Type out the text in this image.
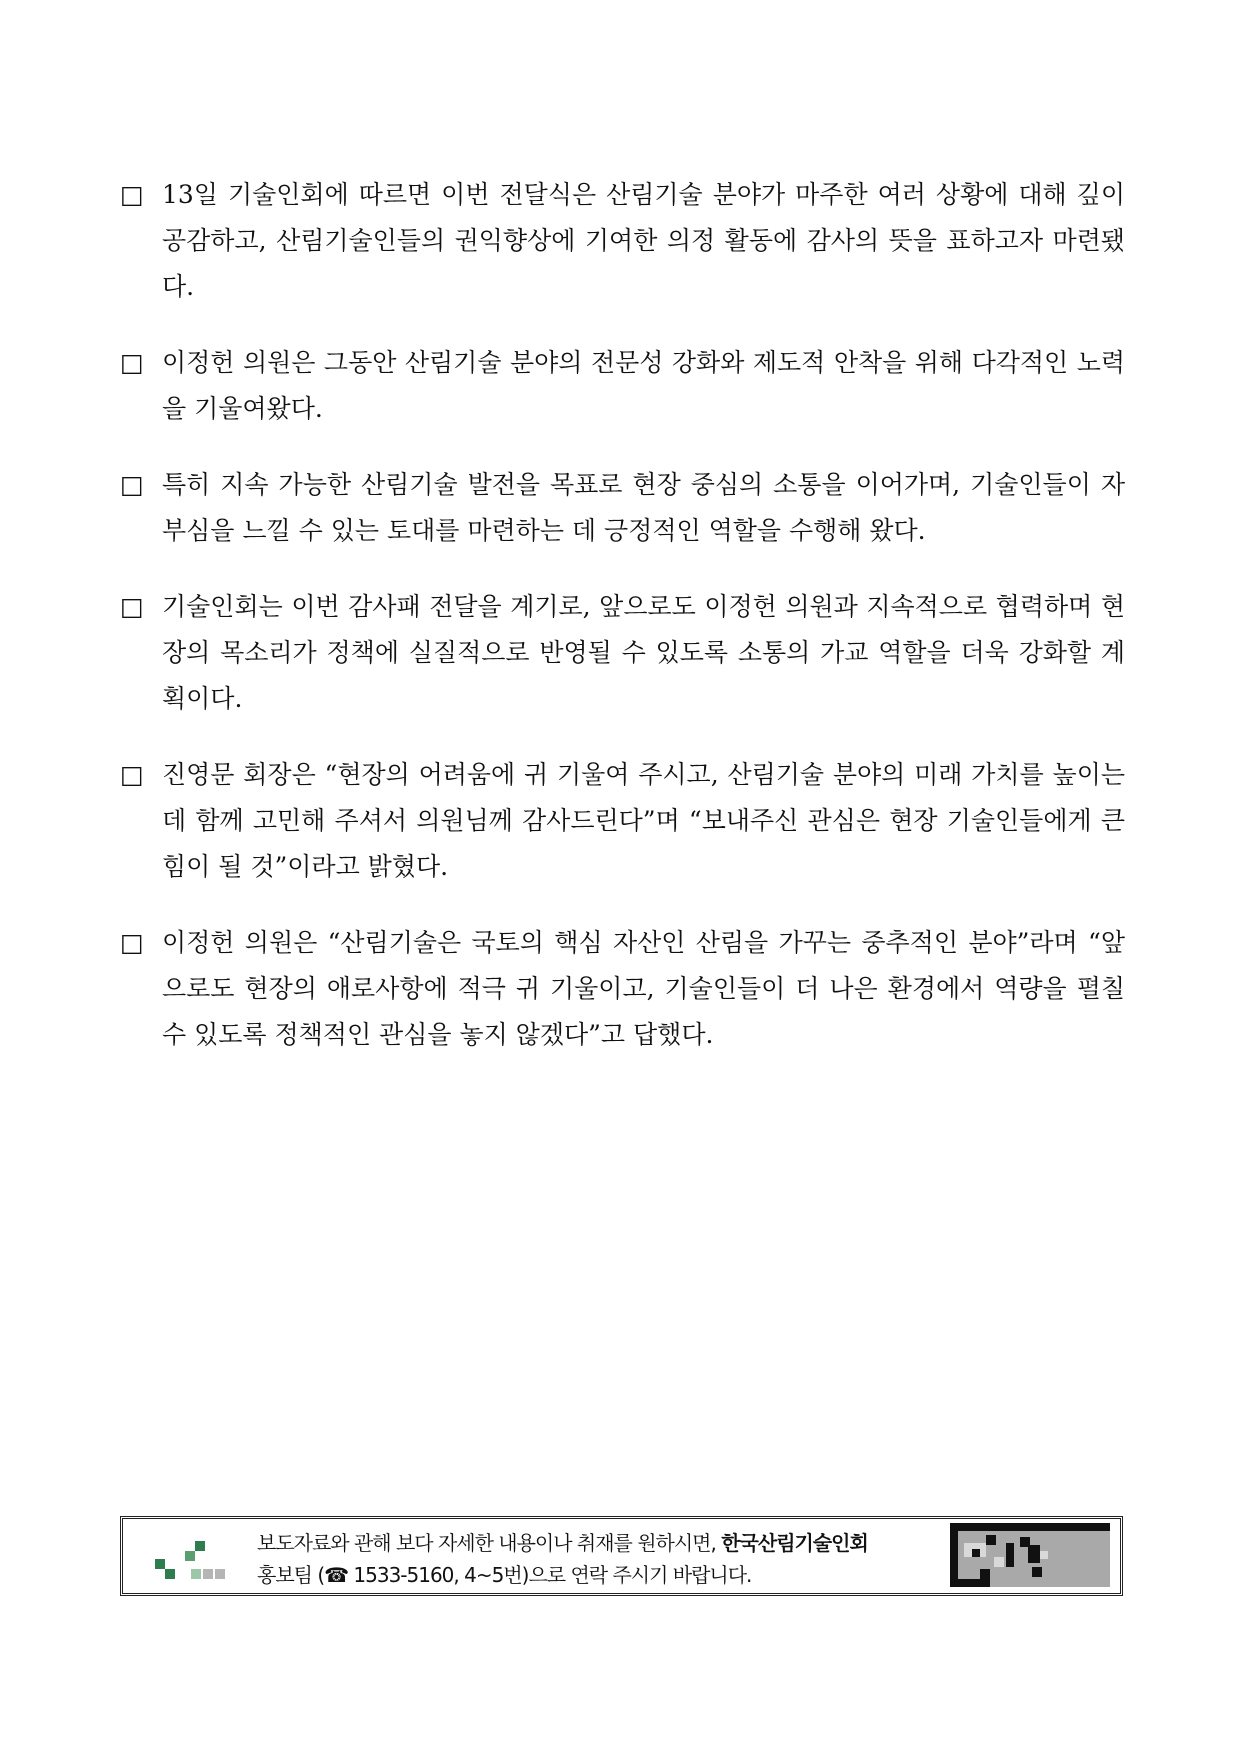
□ 13일 기술인회에 따르면 이번 전달식은 산림기술 분야가 마주한 여러 상황에 대해 깊이 공감하고, 산림기술인들의 권익향상에 기여한 의정 활동에 감사의 뜻을 표하고자 마련됐다.
□ 이정헌 의원은 그동안 산림기술 분야의 전문성 강화와 제도적 안착을 위해 다각적인 노력을 기울여왔다.
□ 특히 지속 가능한 산림기술 발전을 목표로 현장 중심의 소통을 이어가며, 기술인들이 자부심을 느낄 수 있는 토대를 마련하는 데 긍정적인 역할을 수행해 왔다.
□ 기술인회는 이번 감사패 전달을 계기로, 앞으로도 이정헌 의원과 지속적으로 협력하며 현장의 목소리가 정책에 실질적으로 반영될 수 있도록 소통의 가교 역할을 더욱 강화할 계획이다.
□ 진영문 회장은 “현장의 어려움에 귀 기울여 주시고, 산림기술 분야의 미래 가치를 높이는 데 함께 고민해 주셔서 의원님께 감사드린다”며 “보내주신 관심은 현장 기술인들에게 큰 힘이 될 것”이라고 밝혔다.
□ 이정헌 의원은 “산림기술은 국토의 핵심 자산인 산림을 가꾸는 중추적인 분야”라며 “앞으로도 현장의 애로사항에 적극 귀 기울이고, 기술인들이 더 나은 환경에서 역량을 펼칠 수 있도록 정책적인 관심을 놓지 않겠다”고 답했다.
보도자료와 관해 보다 자세한 내용이나 취재를 원하시면, 한국산림기술인회
홍보팀 (☎ 1533-5160, 4~5번)으로 연락 주시기 바랍니다.
